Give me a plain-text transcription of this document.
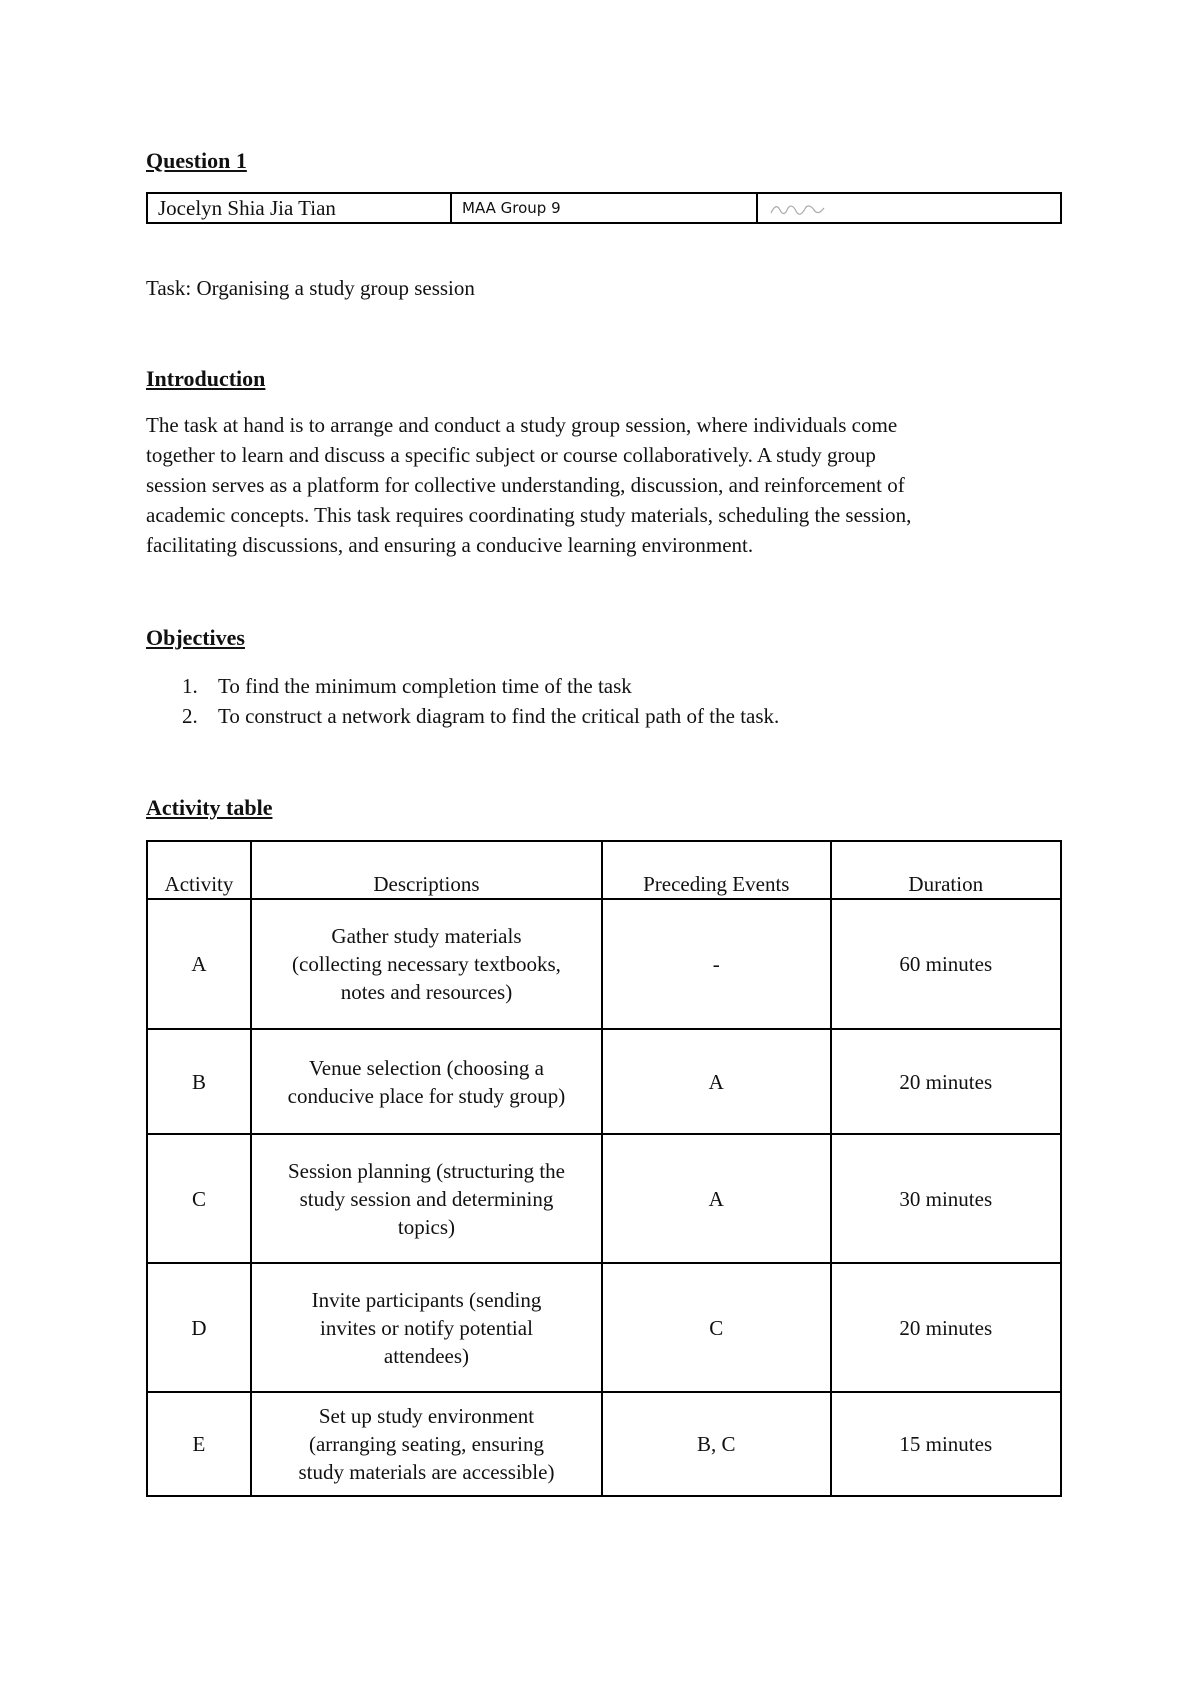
Question 1
Jocelyn Shia Jia Tian	MAA Group 9
Task: Organising a study group session
Introduction
The task at hand is to arrange and conduct a study group session, where individuals come
together to learn and discuss a specific subject or course collaboratively. A study group
session serves as a platform for collective understanding, discussion, and reinforcement of
academic concepts. This task requires coordinating study materials, scheduling the session,
facilitating discussions, and ensuring a conducive learning environment.
Objectives
1. To find the minimum completion time of the task
2. To construct a network diagram to find the critical path of the task.
Activity table
Activity	Descriptions	Preceding Events	Duration
A	Gather study materials
(collecting necessary textbooks,
notes and resources)	-	60 minutes
B	Venue selection (choosing a
conducive place for study group)	A	20 minutes
C	Session planning (structuring the
study session and determining
topics)	A	30 minutes
D	Invite participants (sending
invites or notify potential
attendees)	C	20 minutes
E	Set up study environment
(arranging seating, ensuring
study materials are accessible)	B, C	15 minutes
